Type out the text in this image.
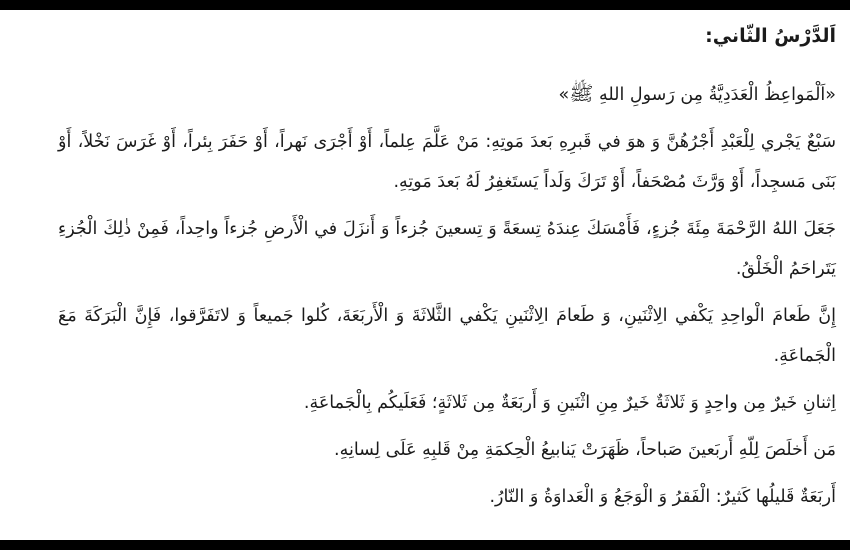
اَلدَّرْسُ الثّاني:
«اَلْمَواعِظُ الْعَدَدِيَّةُ مِن رَسولِ اللهِ ﷺ»

سَبْعٌ يَجْري لِلْعَبْدِ أَجْرُهُنَّ وَ هوَ في قَبرِهِ بَعدَ مَوتِهِ: مَنْ عَلَّمَ عِلماً، أَوْ أَجْرَى نَهراً، أَوْ حَفَرَ بِئراً، أَوْ غَرَسَ نَخْلاً، أَوْ بَنَى مَسجِداً، أَوْ وَرَّثَ مُصْحَفاً، أَوْ تَرَكَ وَلَداً يَستَغفِرُ لَهُ بَعدَ مَوتِهِ.

جَعَلَ اللهُ الرَّحْمَةَ مِئَةَ جُزءٍ، فَأَمْسَكَ عِندَهُ تِسعَةً وَ تِسعينَ جُزءاً وَ أَنزَلَ في الْأَرضِ جُزءاً واحِداً، فَمِنْ ذٰلِكَ الْجُزءِ يَتَراحَمُ الْخَلْقُ.

إِنَّ طَعامَ الْواحِدِ يَكْفي الِاثْنَينِ، وَ طَعامَ الِاثْنَينِ يَكْفي الثَّلاثَةَ وَ الْأَربَعَةَ، كُلوا جَميعاً وَ لاتَفَرَّقوا، فَإِنَّ الْبَرَكَةَ مَعَ الْجَماعَةِ.

اِثنانِ خَيرٌ مِن واحِدٍ وَ ثَلاثَةٌ خَيرٌ مِنِ اثْنَينِ وَ أَربَعَةٌ مِن ثَلاثَةٍ؛ فَعَلَيكُم بِالْجَماعَةِ.

مَن أَخلَصَ لِلّهِ أَربَعينَ صَباحاً، ظَهَرَتْ يَنابيعُ الْحِكمَةِ مِنْ قَلبِهِ عَلَى لِسانِهِ.

أَربَعَةٌ قَليلُها كَثيرٌ: الْفَقرُ وَ الْوَجَعُ وَ الْعَداوَةُ وَ النّارُ.
